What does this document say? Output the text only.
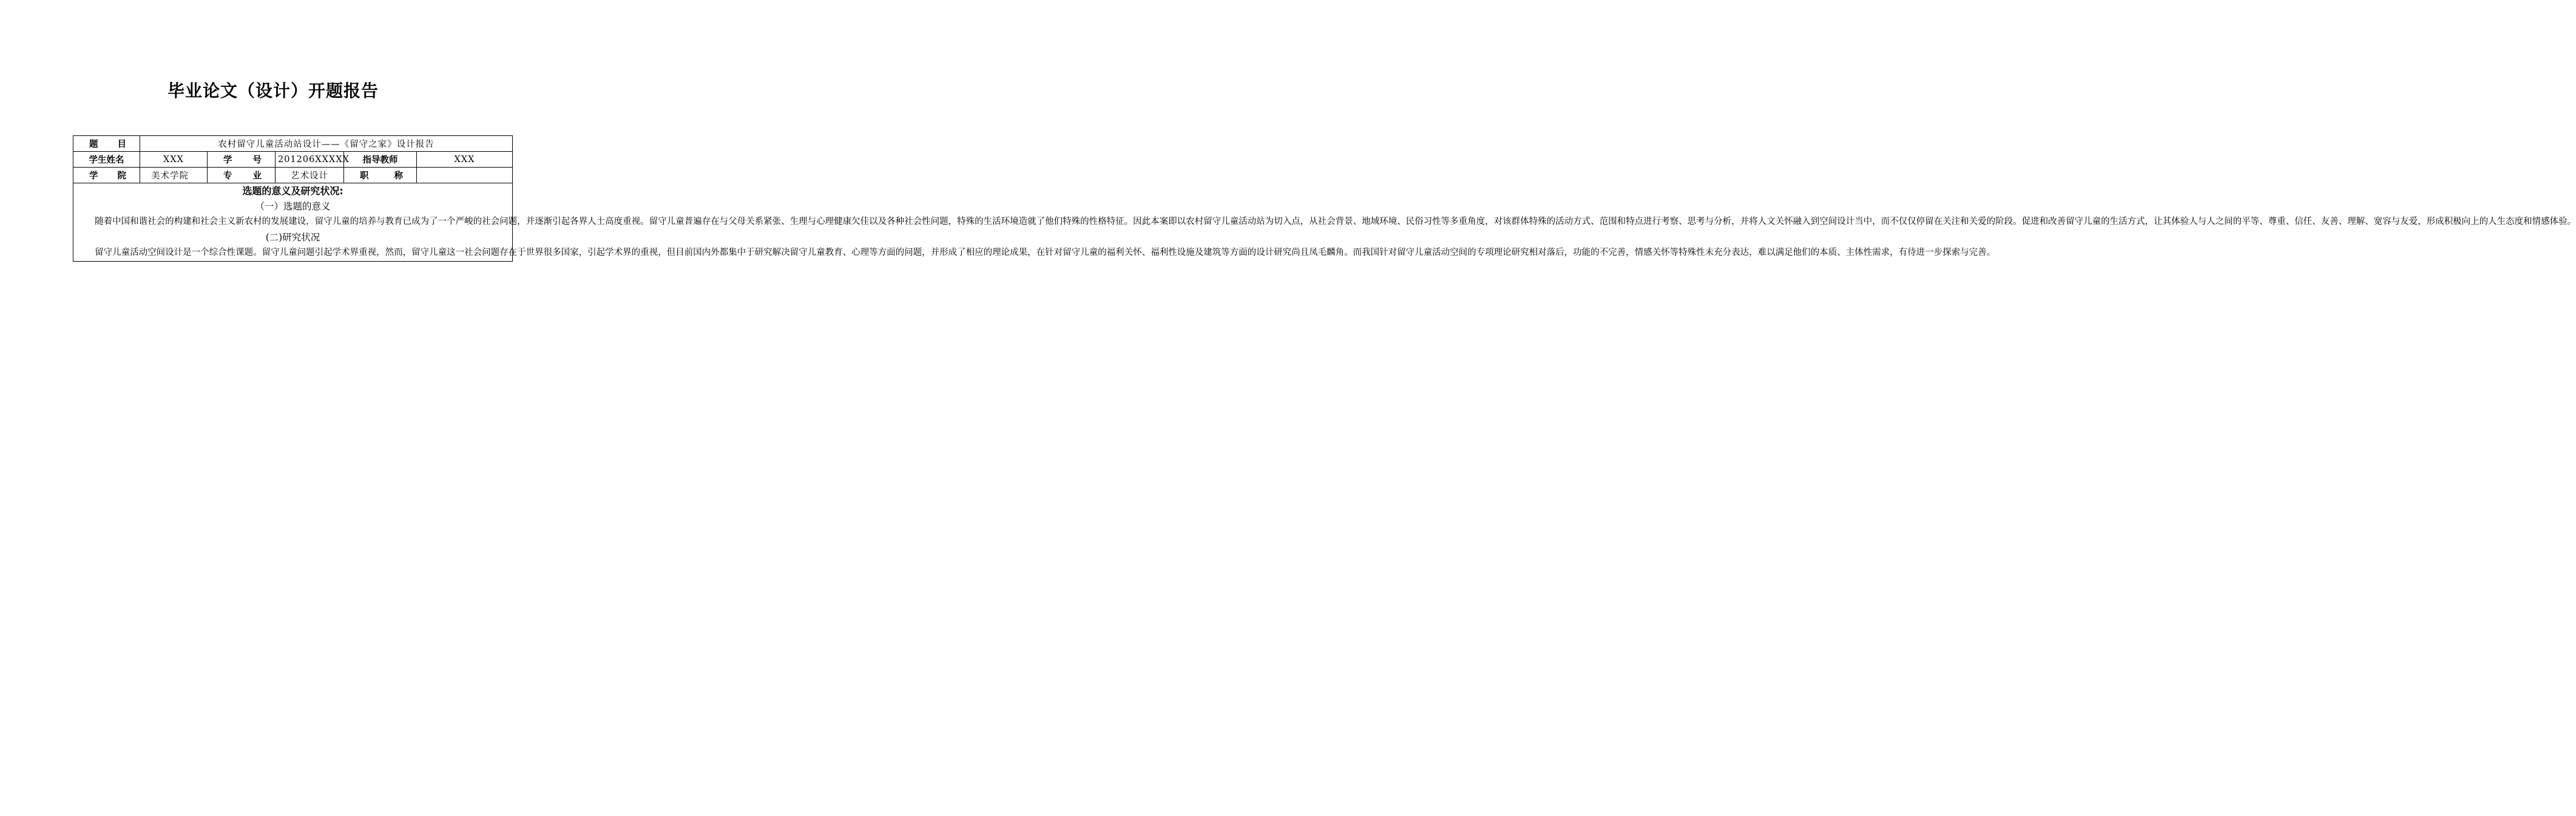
毕业论文（设计）开题报告
题 目	农村留守儿童活动站设计——《留守之家》设计报告				
学生姓名	XXX	学 号	201206XXXXX	指导教师	XXX
学 院	美术学院	专 业	艺术设计	职 称	

选题的意义及研究状况:
（一）选题的意义

随着中国和谐社会的构建和社会主义新农村的发展建设，留守儿童的培养与教育已成为了一个严峻的社会问题，并逐渐引起各界人士高度重视。留守儿童普遍存在与父母关系紧张、生理与心理健康欠佳以及各种社会性问题，特殊的生活环境造就了他们特殊的性格特征。因此本案即以农村留守儿童活动站为切入点，从社会背景、地域环境、民俗习性等多重角度，对该群体特殊的活动方式、范围和特点进行考察、思考与分析，并将人文关怀融入到空间设计当中，而不仅仅停留在关注和关爱的阶段。促进和改善留守儿童的生活方式，让其体验人与人之间的平等、尊重、信任、友善、理解、宽容与友爱，形成积极向上的人生态度和情感体验。

(二)研究状况

留守儿童活动空间设计是一个综合性课题。留守儿童问题引起学术界重视，然而，留守儿童这一社会问题存在于世界很多国家，引起学术界的重视，但目前国内外都集中于研究解决留守儿童教育、心理等方面的问题，并形成了相应的理论成果，在针对留守儿童的福利关怀、福利性设施及建筑等方面的设计研究尚且凤毛麟角。而我国针对留守儿童活动空间的专项理论研究相对落后，功能的不完善，情感关怀等特殊性未充分表达，难以满足他们的本质、主体性需求，有待进一步探索与完善。					
